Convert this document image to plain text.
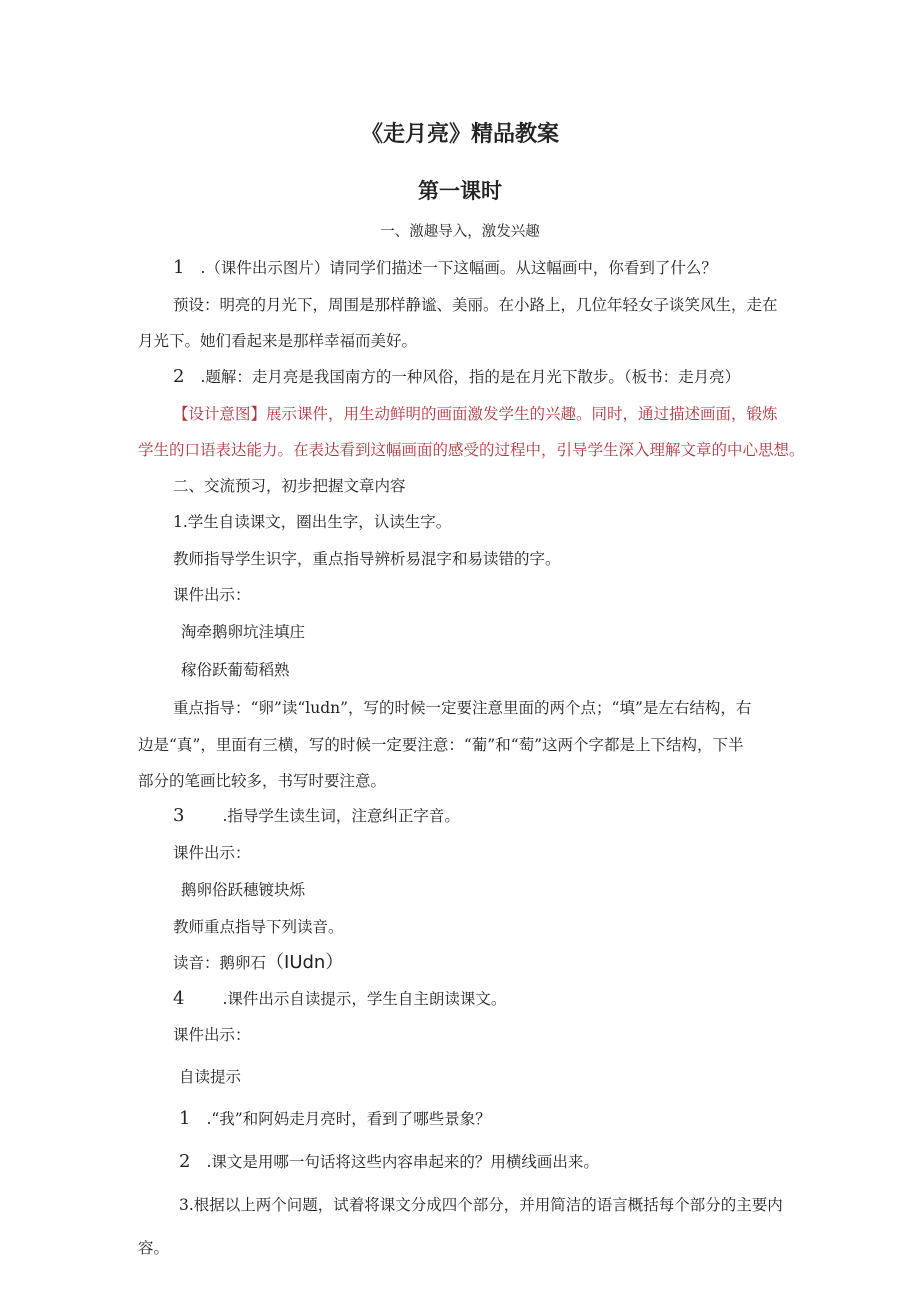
《走月亮》精品教案
第一课时
一、激趣导入，激发兴趣
1 .（课件出示图片）请同学们描述一下这幅画。从这幅画中，你看到了什么？
预设：明亮的月光下，周围是那样静谧、美丽。在小路上，几位年轻女子谈笑风生，走在
月光下。她们看起来是那样幸福而美好。
2 .题解：走月亮是我国南方的一种风俗，指的是在月光下散步。（板书：走月亮）
【设计意图】展示课件，用生动鲜明的画面激发学生的兴趣。同时，通过描述画面，锻炼
学生的口语表达能力。在表达看到这幅画面的感受的过程中，引导学生深入理解文章的中心思想。
二、交流预习，初步把握文章内容
1.学生自读课文，圈出生字，认读生字。
教师指导学生识字，重点指导辨析易混字和易读错的字。
课件出示：
淘牵鹅卵坑洼填庄
稼俗跃葡萄稻熟
重点指导：“卵”读“ludn”，写的时候一定要注意里面的两个点；“填”是左右结构，右
边是“真”，里面有三横，写的时候一定要注意：“葡”和“萄”这两个字都是上下结构，下半
部分的笔画比较多，书写时要注意。
3 .指导学生读生词，注意纠正字音。
课件出示：
鹅卵俗跃穗镀块烁
教师重点指导下列读音。
读音：鹅卵石（IUdn）
4 .课件出示自读提示，学生自主朗读课文。
课件出示：
自读提示
1 .“我”和阿妈走月亮时，看到了哪些景象？
2 .课文是用哪一句话将这些内容串起来的？用横线画出来。
3.根据以上两个问题，试着将课文分成四个部分，并用简洁的语言概括每个部分的主要内
容。
